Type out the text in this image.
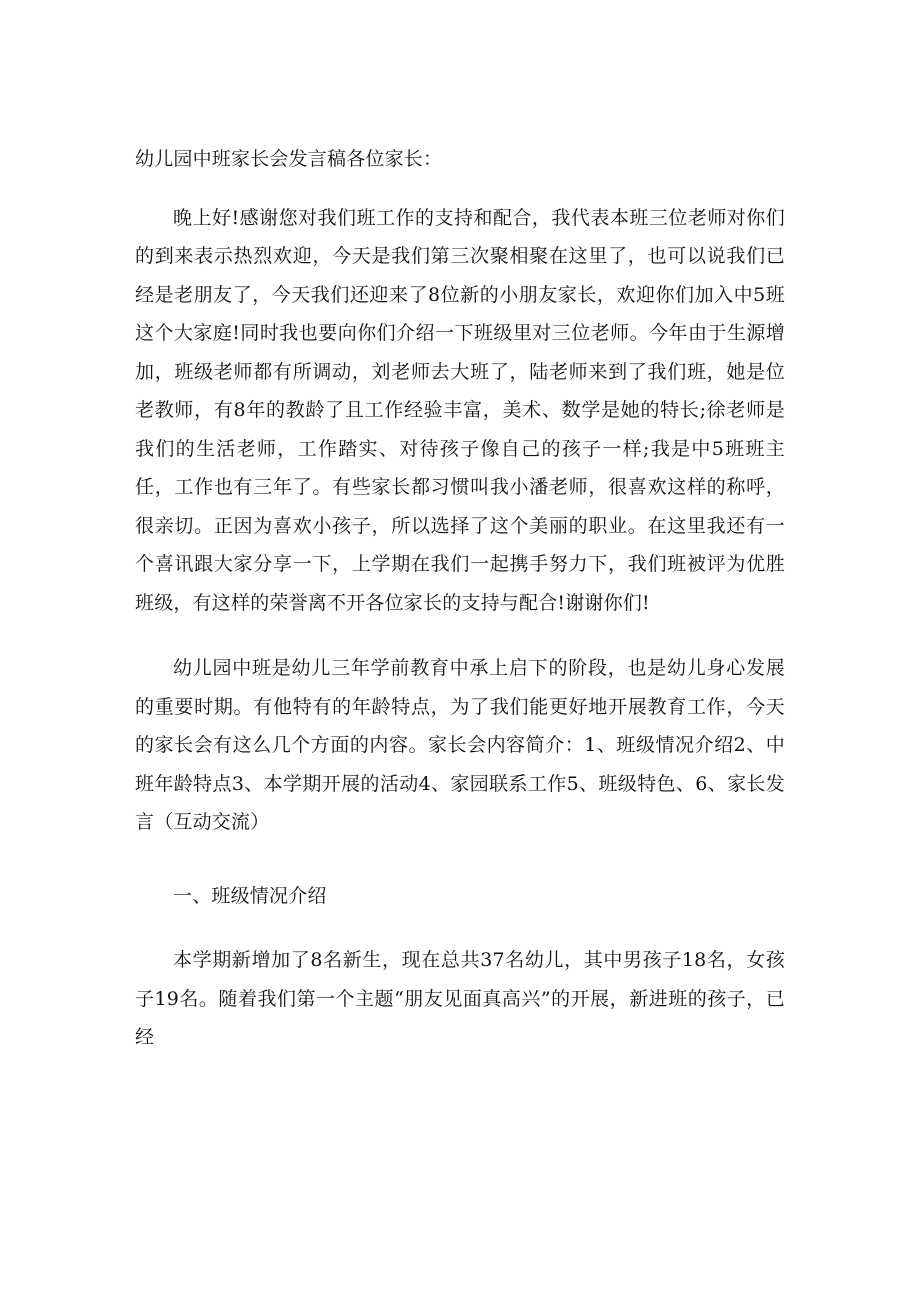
幼儿园中班家长会发言稿各位家长：

晚上好!感谢您对我们班工作的支持和配合，我代表本班三位老师对你们的到来表示热烈欢迎，今天是我们第三次聚相聚在这里了，也可以说我们已经是老朋友了，今天我们还迎来了8位新的小朋友家长，欢迎你们加入中5班这个大家庭!同时我也要向你们介绍一下班级里对三位老师。今年由于生源增加，班级老师都有所调动，刘老师去大班了，陆老师来到了我们班，她是位老教师，有8年的教龄了且工作经验丰富，美术、数学是她的特长;徐老师是我们的生活老师，工作踏实、对待孩子像自己的孩子一样;我是中5班班主任，工作也有三年了。有些家长都习惯叫我小潘老师，很喜欢这样的称呼，很亲切。正因为喜欢小孩子，所以选择了这个美丽的职业。在这里我还有一个喜讯跟大家分享一下，上学期在我们一起携手努力下，我们班被评为优胜班级，有这样的荣誉离不开各位家长的支持与配合!谢谢你们!

幼儿园中班是幼儿三年学前教育中承上启下的阶段，也是幼儿身心发展的重要时期。有他特有的年龄特点，为了我们能更好地开展教育工作，今天的家长会有这么几个方面的内容。家长会内容简介：1、班级情况介绍2、中班年龄特点3、本学期开展的活动4、家园联系工作5、班级特色、6、家长发言（互动交流）

一、班级情况介绍

本学期新增加了8名新生，现在总共37名幼儿，其中男孩子18名，女孩子19名。随着我们第一个主题“朋友见面真高兴”的开展，新进班的孩子，已经
